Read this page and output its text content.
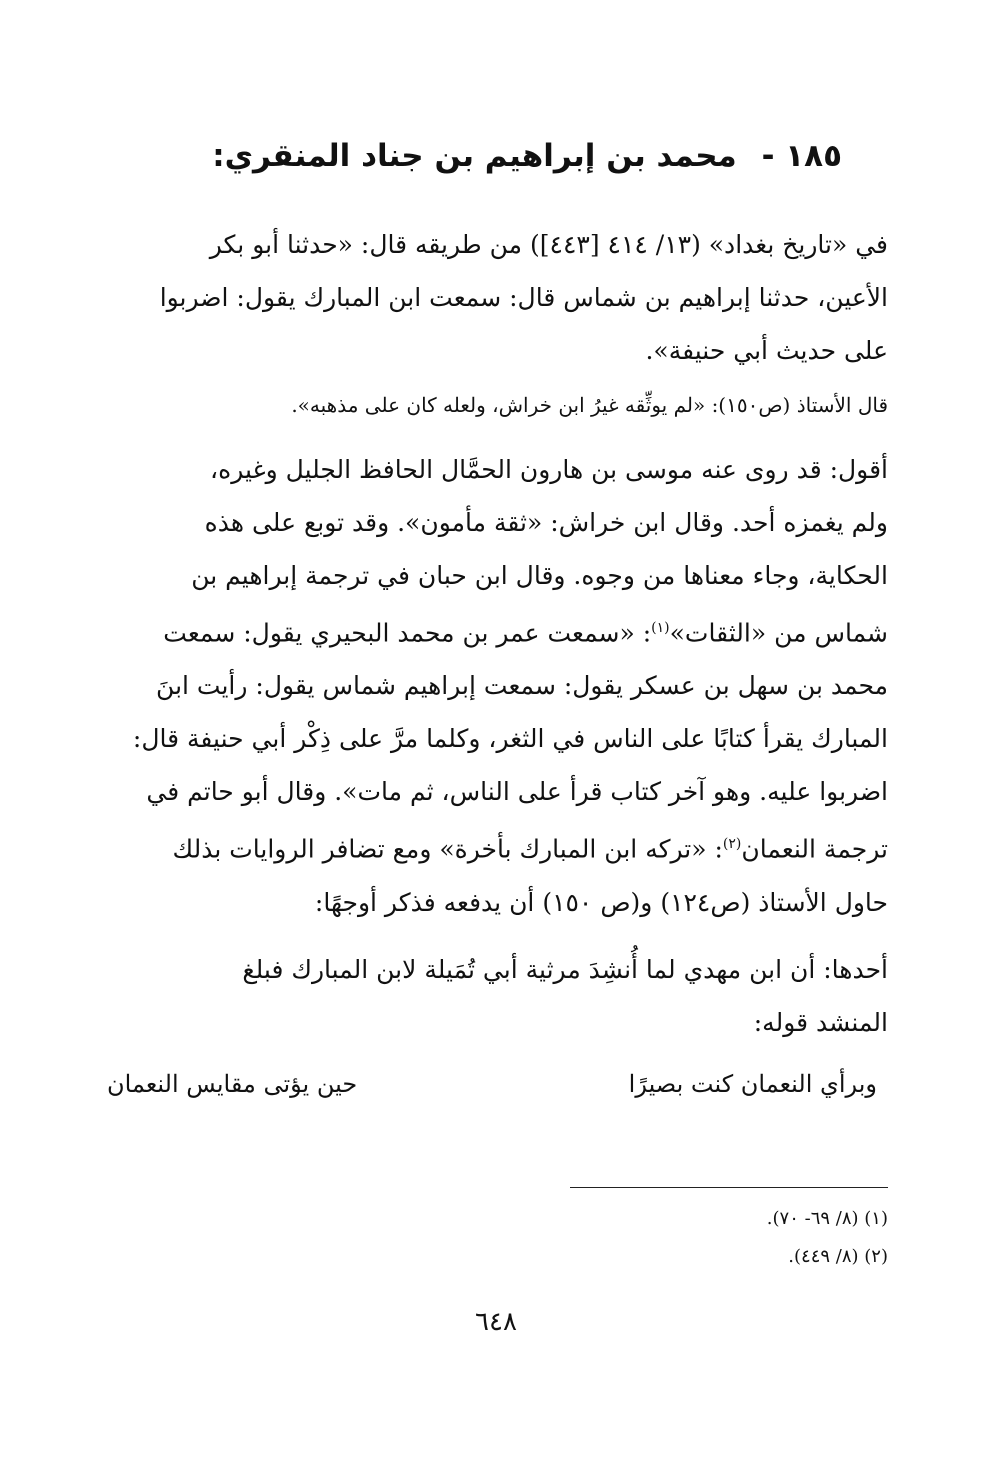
١٨٥ - محمد بن إبراهيم بن جناد المنقري:
في «تاريخ بغداد» (١٣/ ٤١٤ [٤٤٣]) من طريقه قال: «حدثنا أبو بكر
الأعين، حدثنا إبراهيم بن شماس قال: سمعت ابن المبارك يقول: اضربوا
على حديث أبي حنيفة».
قال الأستاذ (ص١٥٠): «لم يوثِّقه غيرُ ابن خراش، ولعله كان على مذهبه».
أقول: قد روى عنه موسى بن هارون الحمَّال الحافظ الجليل وغيره،
ولم يغمزه أحد. وقال ابن خراش: «ثقة مأمون». وقد توبع على هذه
الحكاية، وجاء معناها من وجوه. وقال ابن حبان في ترجمة إبراهيم بن
شماس من «الثقات»$^{(١)}$: «سمعت عمر بن محمد البحيري يقول: سمعت
محمد بن سهل بن عسكر يقول: سمعت إبراهيم شماس يقول: رأيت ابنَ
المبارك يقرأ كتابًا على الناس في الثغر، وكلما مرَّ على ذِكْر أبي حنيفة قال:
اضربوا عليه. وهو آخر كتاب قرأ على الناس، ثم مات». وقال أبو حاتم في
ترجمة النعمان$^{(٢)}$: «تركه ابن المبارك بأخرة» ومع تضافر الروايات بذلك
حاول الأستاذ (ص١٢٤) و(ص ١٥٠) أن يدفعه فذكر أوجهًا:
أحدها: أن ابن مهدي لما أُنشِدَ مرثية أبي تُمَيلة لابن المبارك فبلغ
المنشد قوله:
وبرأي النعمان كنت بصيرًا
حين يؤتى مقايس النعمان
(١) (٨/ ٦٩- ٧٠).
(٢) (٨/ ٤٤٩).
٦٤٨
